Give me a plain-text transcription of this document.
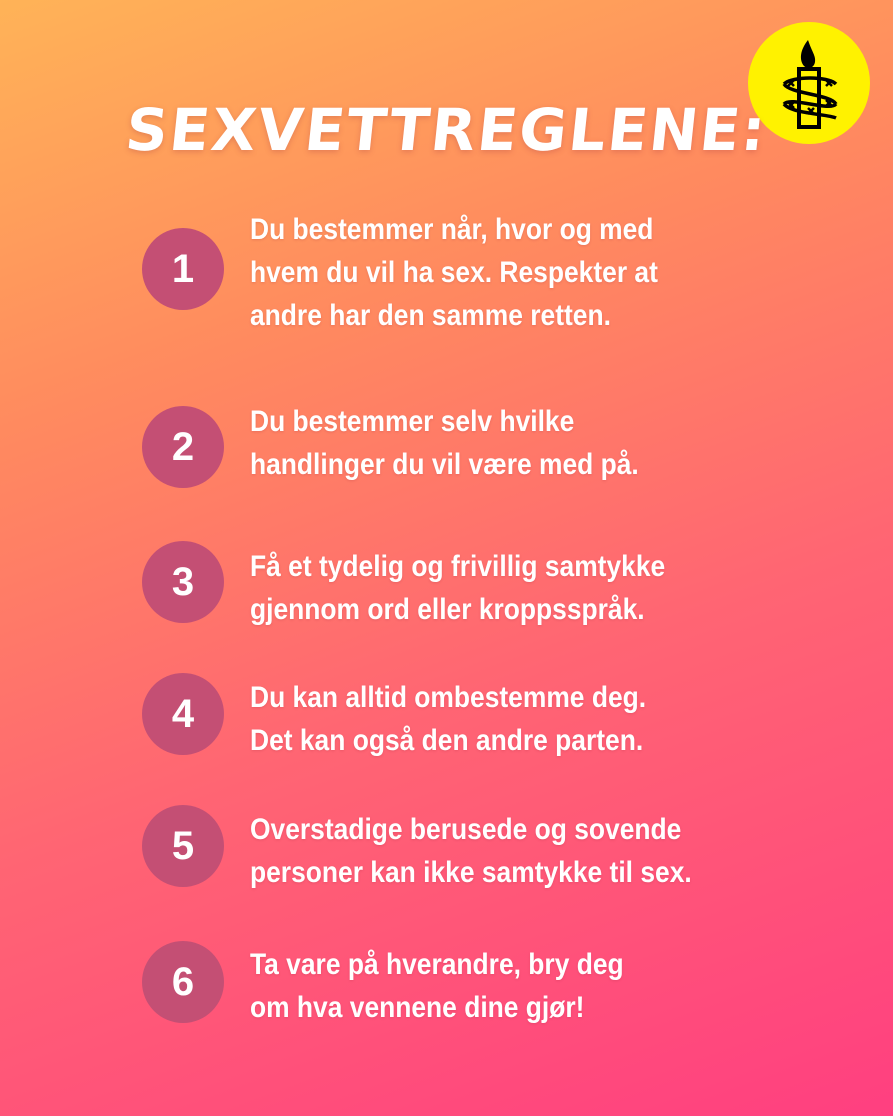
SEXVETTREGLENE:
1
Du bestemmer når, hvor og med
hvem du vil ha sex. Respekter at
andre har den samme retten.
2
Du bestemmer selv hvilke
handlinger du vil være med på.
3	Få et tydelig og frivillig samtykke
gjennom ord eller kroppsspråk.
4	Du kan alltid ombestemme deg.
Det kan også den andre parten.
5	Overstadige berusede og sovende
personer kan ikke samtykke til sex.
6	Ta vare på hverandre, bry deg
om hva vennene dine gjør!
